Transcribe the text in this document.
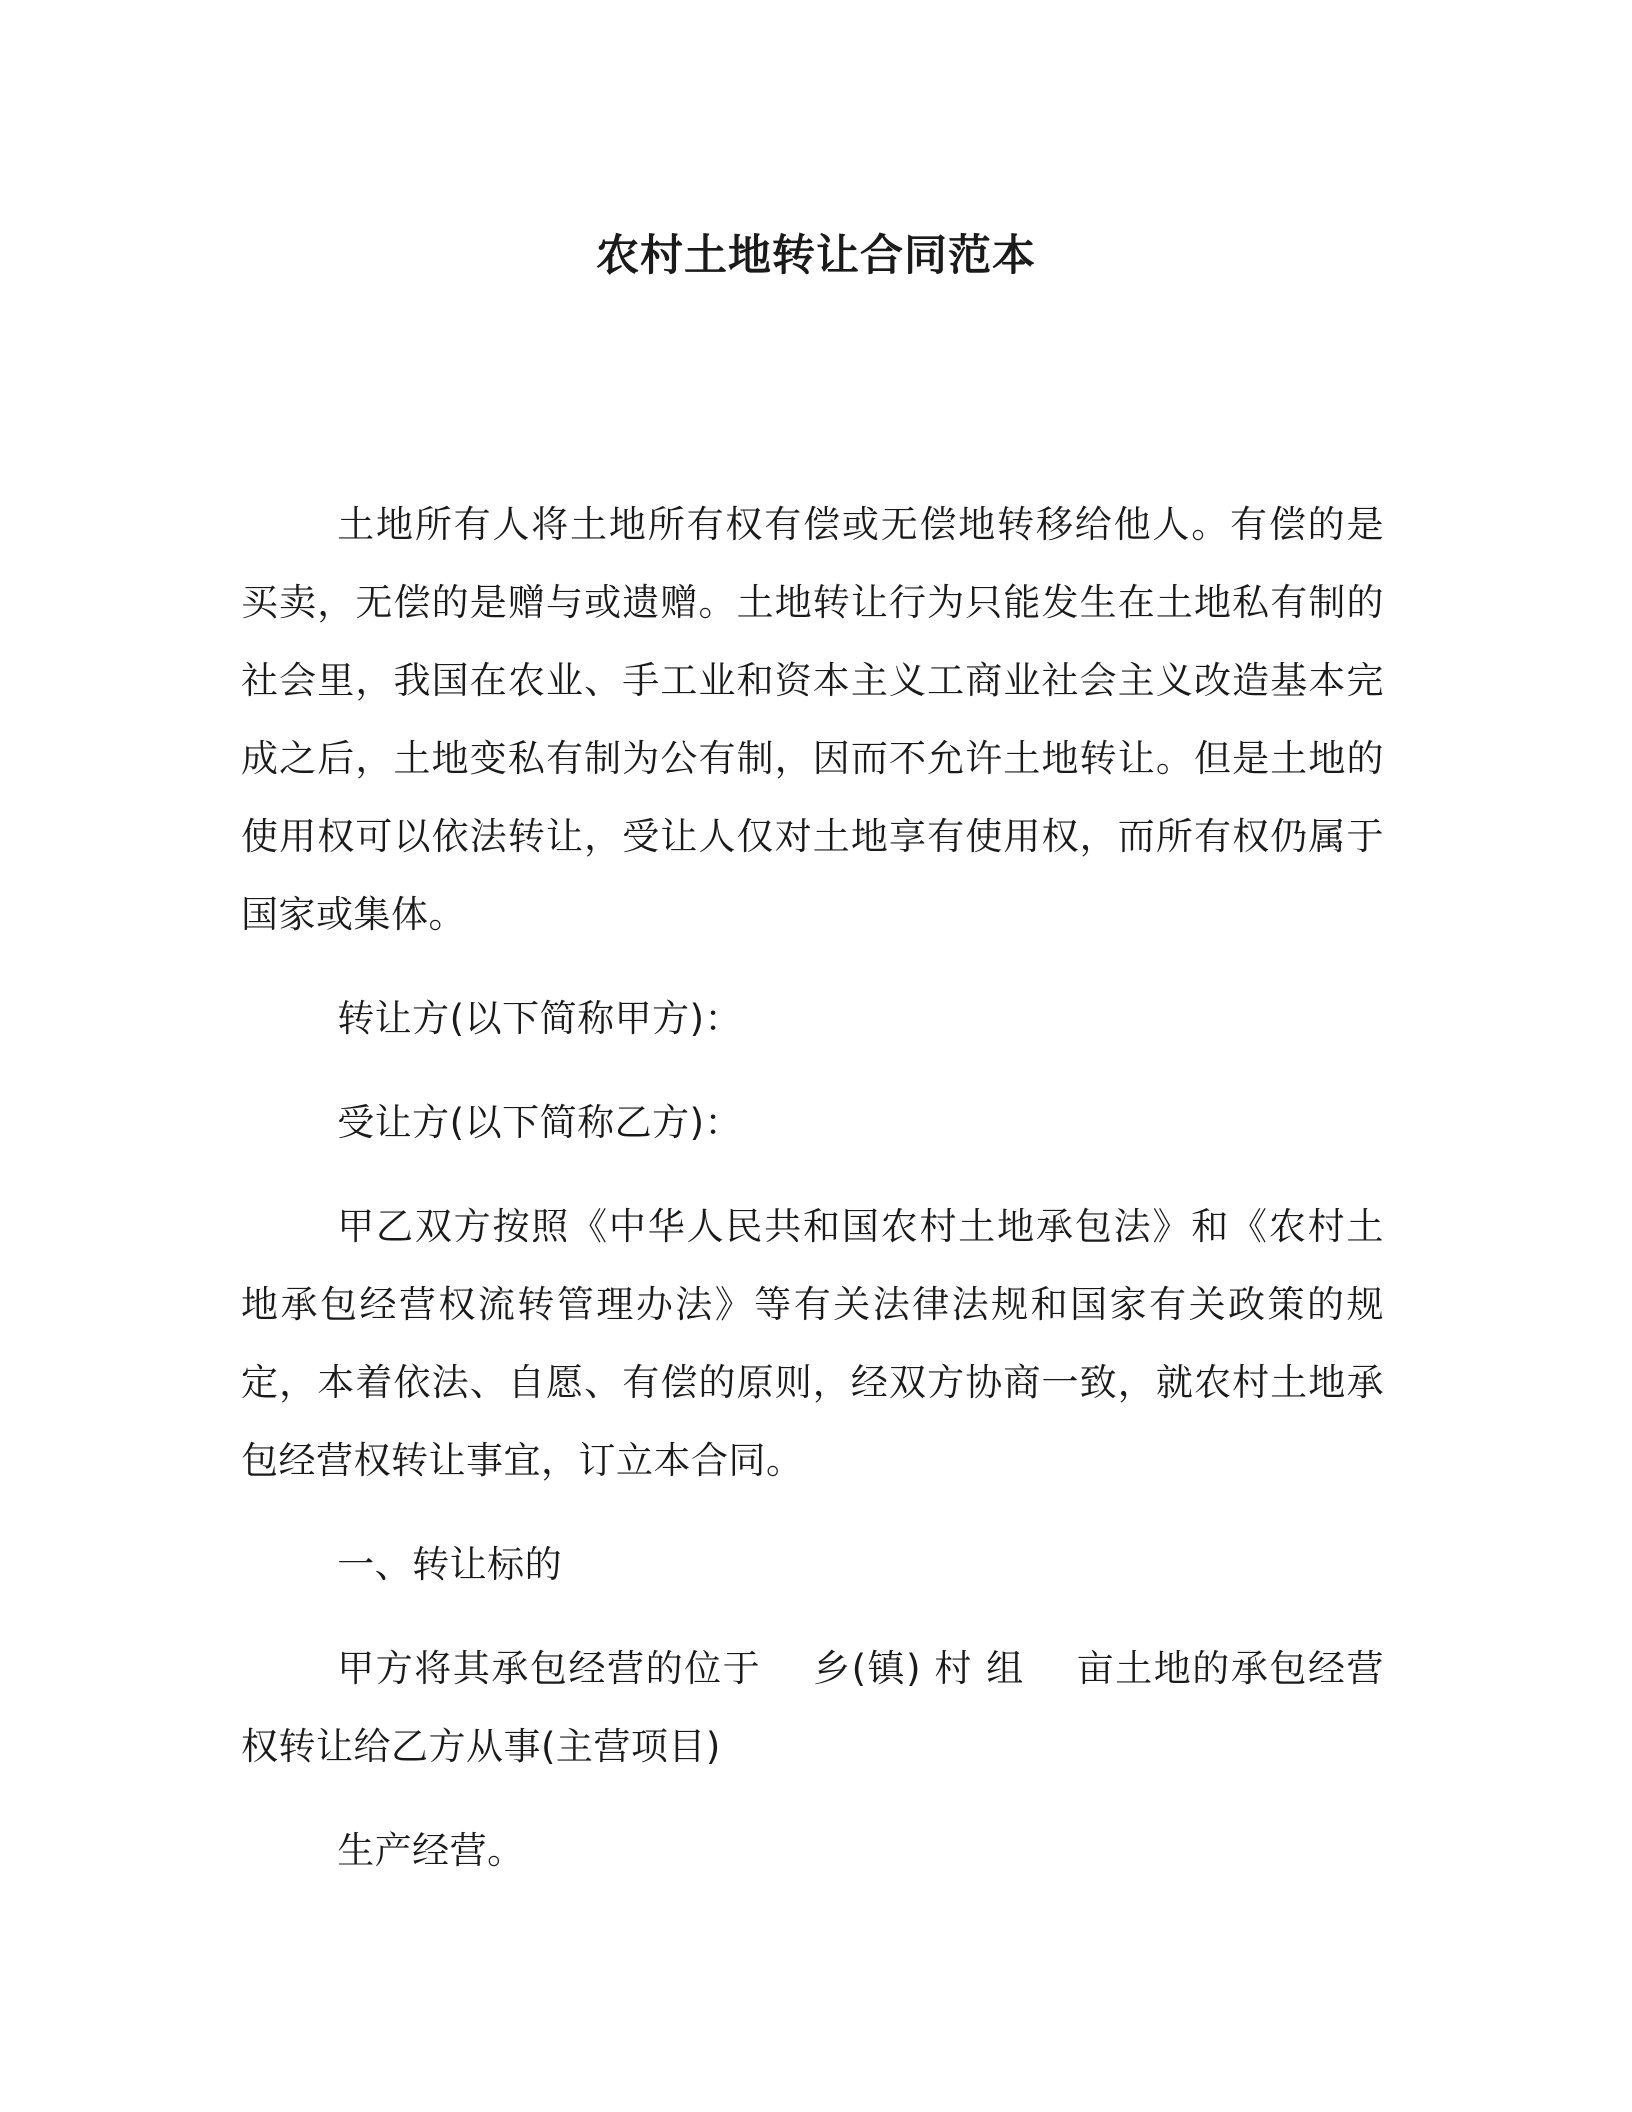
农村土地转让合同范本

土地所有人将土地所有权有偿或无偿地转移给他人。有偿的是买卖，无偿的是赠与或遗赠。土地转让行为只能发生在土地私有制的社会里，我国在农业、手工业和资本主义工商业社会主义改造基本完成之后，土地变私有制为公有制，因而不允许土地转让。但是土地的使用权可以依法转让，受让人仅对土地享有使用权，而所有权仍属于国家或集体。

转让方(以下简称甲方)：

受让方(以下简称乙方)：

甲乙双方按照《中华人民共和国农村土地承包法》和《农村土地承包经营权流转管理办法》等有关法律法规和国家有关政策的规定，本着依法、自愿、有偿的原则，经双方协商一致，就农村土地承包经营权转让事宜，订立本合同。

一、转让标的

甲方将其承包经营的位于　 乡(镇) 村 组　 亩土地的承包经营权转让给乙方从事(主营项目)

生产经营。
